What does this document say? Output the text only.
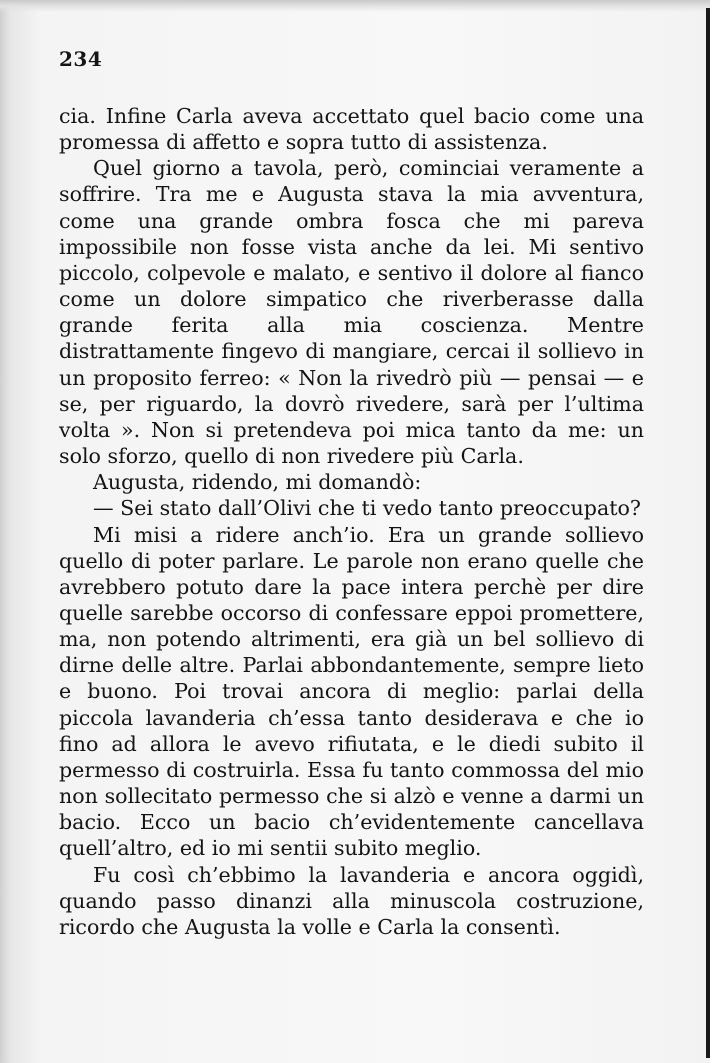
234

cia. Infine Carla aveva accettato quel bacio come una promessa di affetto e sopra tutto di assistenza.

Quel giorno a tavola, però, cominciai veramente a soffrire. Tra me e Augusta stava la mia avventura, come una grande ombra fosca che mi pareva impossibile non fosse vista anche da lei. Mi sentivo piccolo, colpevole e malato, e sentivo il dolore al fianco come un dolore simpatico che riverberasse dalla grande ferita alla mia coscienza. Mentre distrattamente fingevo di mangiare, cercai il sollievo in un proposito ferreo: « Non la rivedrò più — pensai — e se, per riguardo, la dovrò rivedere, sarà per l’ultima volta ». Non si pretendeva poi mica tanto da me: un solo sforzo, quello di non rivedere più Carla.

Augusta, ridendo, mi domandò:

— Sei stato dall’Olivi che ti vedo tanto preoccupato?

Mi misi a ridere anch’io. Era un grande sollievo quello di poter parlare. Le parole non erano quelle che avrebbero potuto dare la pace intera perchè per dire quelle sarebbe occorso di confessare eppoi promettere, ma, non potendo altrimenti, era già un bel sollievo di dirne delle altre. Parlai abbondantemente, sempre lieto e buono. Poi trovai ancora di meglio: parlai della piccola lavanderia ch’essa tanto desiderava e che io fino ad allora le avevo rifiutata, e le diedi subito il permesso di costruirla. Essa fu tanto commossa del mio non sollecitato permesso che si alzò e venne a darmi un bacio. Ecco un bacio ch’evidentemente cancellava quell’altro, ed io mi sentii subito meglio.

Fu così ch’ebbimo la lavanderia e ancora oggidì, quando passo dinanzi alla minuscola costruzione, ricordo che Augusta la volle e Carla la consentì.
